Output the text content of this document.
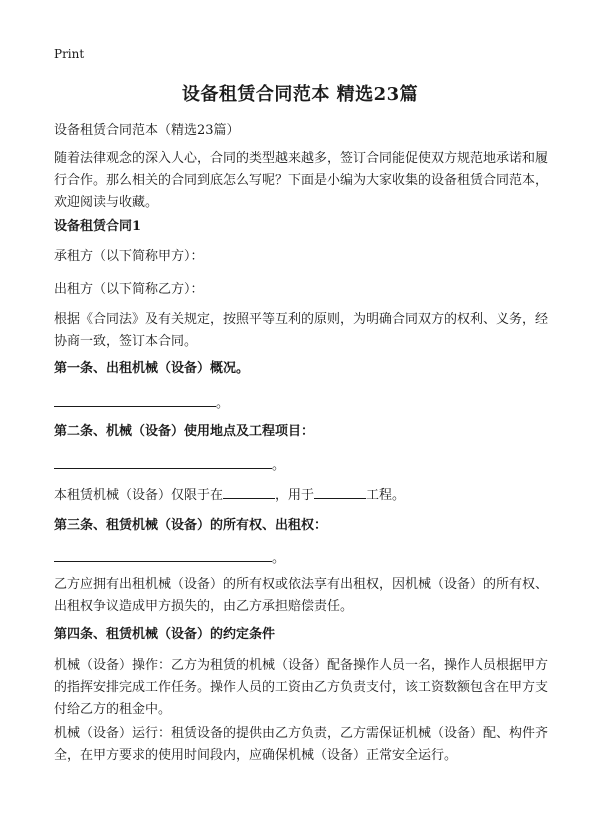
Print
设备租赁合同范本 精选23篇

设备租赁合同范本（精选23篇）

随着法律观念的深入人心，合同的类型越来越多，签订合同能促使双方规范地承诺和履行合作。那么相关的合同到底怎么写呢？下面是小编为大家收集的设备租赁合同范本，欢迎阅读与收藏。

设备租赁合同1

承租方（以下简称甲方）：

出租方（以下简称乙方）：

根据《合同法》及有关规定，按照平等互利的原则，为明确合同双方的权利、义务，经协商一致，签订本合同。

第一条、出租机械（设备）概况。

。

第二条、机械（设备）使用地点及工程项目：

。
本租赁机械（设备）仅限于在	，用于	工程。

第三条、租赁机械（设备）的所有权、出租权：

。

乙方应拥有出租机械（设备）的所有权或依法享有出租权，因机械（设备）的所有权、出租权争议造成甲方损失的，由乙方承担赔偿责任。

第四条、租赁机械（设备）的约定条件

机械（设备）操作：乙方为租赁的机械（设备）配备操作人员一名，操作人员根据甲方的指挥安排完成工作任务。操作人员的工资由乙方负责支付，该工资数额包含在甲方支付给乙方的租金中。

机械（设备）运行：租赁设备的提供由乙方负责，乙方需保证机械（设备）配、构件齐全，在甲方要求的使用时间段内，应确保机械（设备）正常安全运行。
